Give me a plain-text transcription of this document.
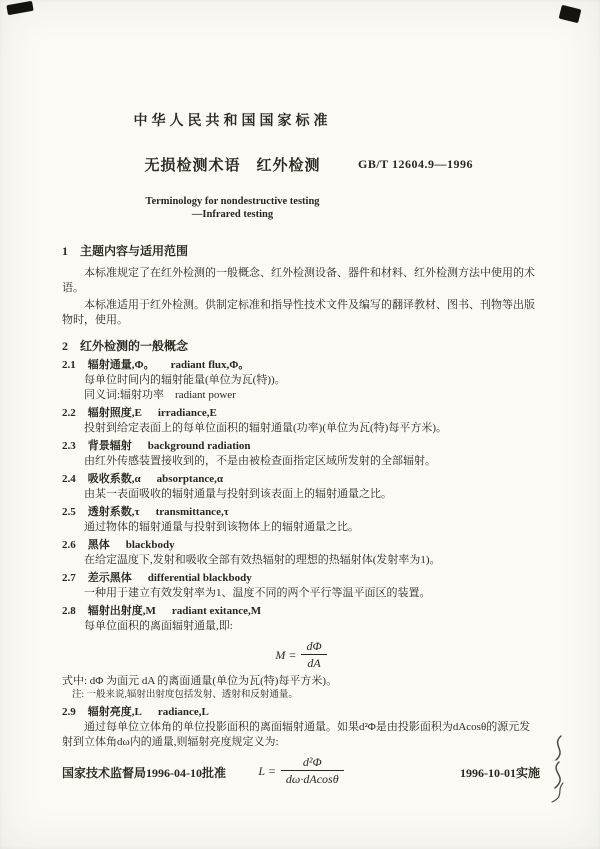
中华人民共和国国家标准
无损检测术语　红外检测
Terminology for nondestructive testing
—Infrared testing
GB/T 12604.9—1996
1　主题内容与适用范围

本标准规定了在红外检测的一般概念、红外检测设备、器件和材料、红外检测方法中使用的术语。

本标准适用于红外检测。供制定标准和指导性技术文件及编写的翻译教材、图书、刊物等出版物时，使用。

2　红外检测的一般概念
2.1 辐射通量,Φ。 radiant flux,Φ。

每单位时间内的辐射能量(单位为瓦(特))。

同义词:辐射功率　radiant power

2.2 辐射照度,E irradiance,E

投射到给定表面上的每单位面积的辐射通量(功率)(单位为瓦(特)每平方米)。

2.3 背景辐射 background radiation

由红外传感装置接收到的，不是由被检查面指定区域所发射的全部辐射。

2.4 吸收系数,α absorptance,α

由某一表面吸收的辐射通量与投射到该表面上的辐射通量之比。

2.5 透射系数,τ transmittance,τ

通过物体的辐射通量与投射到该物体上的辐射通量之比。

2.6 黑体 blackbody

在给定温度下,发射和吸收全部有效热辐射的理想的热辐射体(发射率为1)。

2.7 差示黑体 differential blackbody

一种用于建立有效发射率为1、温度不同的两个平行等温平面区的装置。

2.8 辐射出射度,M radiant exitance,M

每单位面积的离面辐射通量,即:

$M = \frac{d\Phi}{dA}$

式中: dΦ 为面元 dA 的离面通量(单位为瓦(特)每平方米)。

注: 一般来说,辐射出射度包括发射、透射和反射通量。

2.9 辐射亮度,L radiance,L

通过每单位立体角的单位投影面积的离面辐射通量。如果d²Φ是由投影面积为dAcosθ的源元发射到立体角dω内的通量,则辐射亮度规定义为:

$L = \frac{\text{d²Φ}}{d\omega\cdot dAcos\theta}$
国家技术监督局1996-04-10批准	1996-10-01实施
